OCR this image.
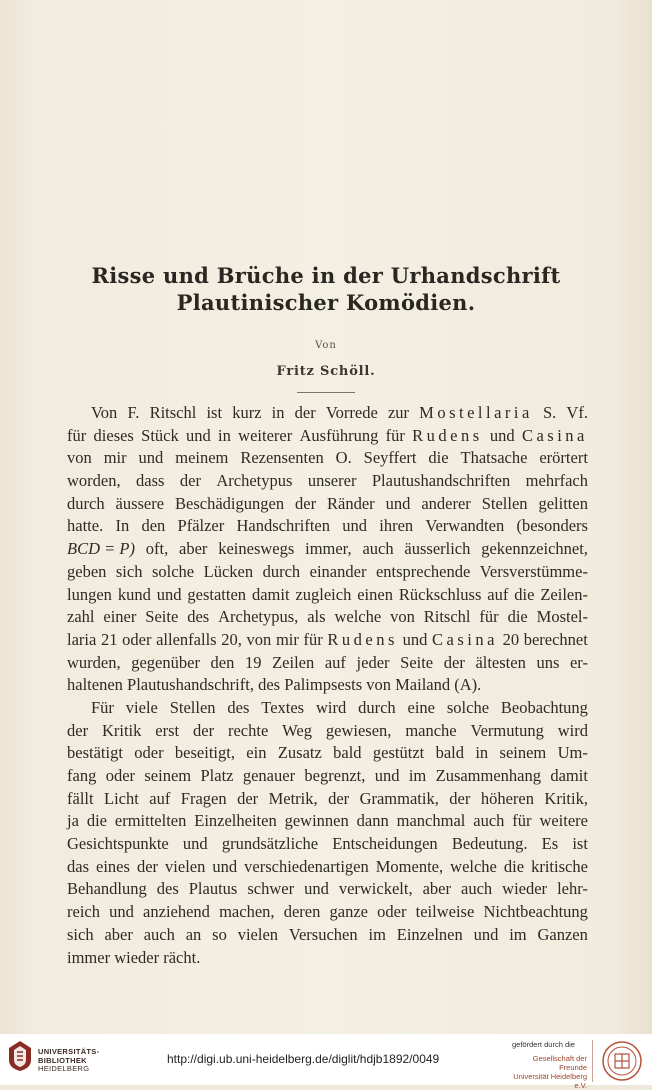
Risse und Brüche in der Urhandschrift
Plautinischer Komödien.
Von
Fritz Schöll.
Von F. Ritschl ist kurz in der Vorrede zur Mostellaria S. Vf.
für dieses Stück und in weiterer Ausführung für Rudens und Casina
von mir und meinem Rezensenten O. Seyffert die Thatsache erörtert
worden, dass der Archetypus unserer Plautushandschriften mehrfach
durch äussere Beschädigungen der Ränder und anderer Stellen gelitten
hatte. In den Pfälzer Handschriften und ihren Verwandten (besonders
BCD = P) oft, aber keineswegs immer, auch äusserlich gekennzeichnet,
geben sich solche Lücken durch einander entsprechende Versverstümme-
lungen kund und gestatten damit zugleich einen Rückschluss auf die Zeilen-
zahl einer Seite des Archetypus, als welche von Ritschl für die Mostel-
laria 21 oder allenfalls 20, von mir für Rudens und Casina 20 berechnet
wurden, gegenüber den 19 Zeilen auf jeder Seite der ältesten uns er-
haltenen Plautushandschrift, des Palimpsests von Mailand (A).
Für viele Stellen des Textes wird durch eine solche Beobachtung
der Kritik erst der rechte Weg gewiesen, manche Vermutung wird
bestätigt oder beseitigt, ein Zusatz bald gestützt bald in seinem Um-
fang oder seinem Platz genauer begrenzt, und im Zusammenhang damit
fällt Licht auf Fragen der Metrik, der Grammatik, der höheren Kritik,
ja die ermittelten Einzelheiten gewinnen dann manchmal auch für weitere
Gesichtspunkte und grundsätzliche Entscheidungen Bedeutung. Es ist
das eines der vielen und verschiedenartigen Momente, welche die kritische
Behandlung des Plautus schwer und verwickelt, aber auch wieder lehr-
reich und anziehend machen, deren ganze oder teilweise Nichtbeachtung
sich aber auch an so vielen Versuchen im Einzelnen und im Ganzen
immer wieder rächt.
UNIVERSITÄTS-
BIBLIOTHEK
HEIDELBERG
http://digi.ub.uni-heidelberg.de/diglit/hdjb1892/0049
gefördert durch die
Gesellschaft der Freunde
Universität Heidelberg e.V.
